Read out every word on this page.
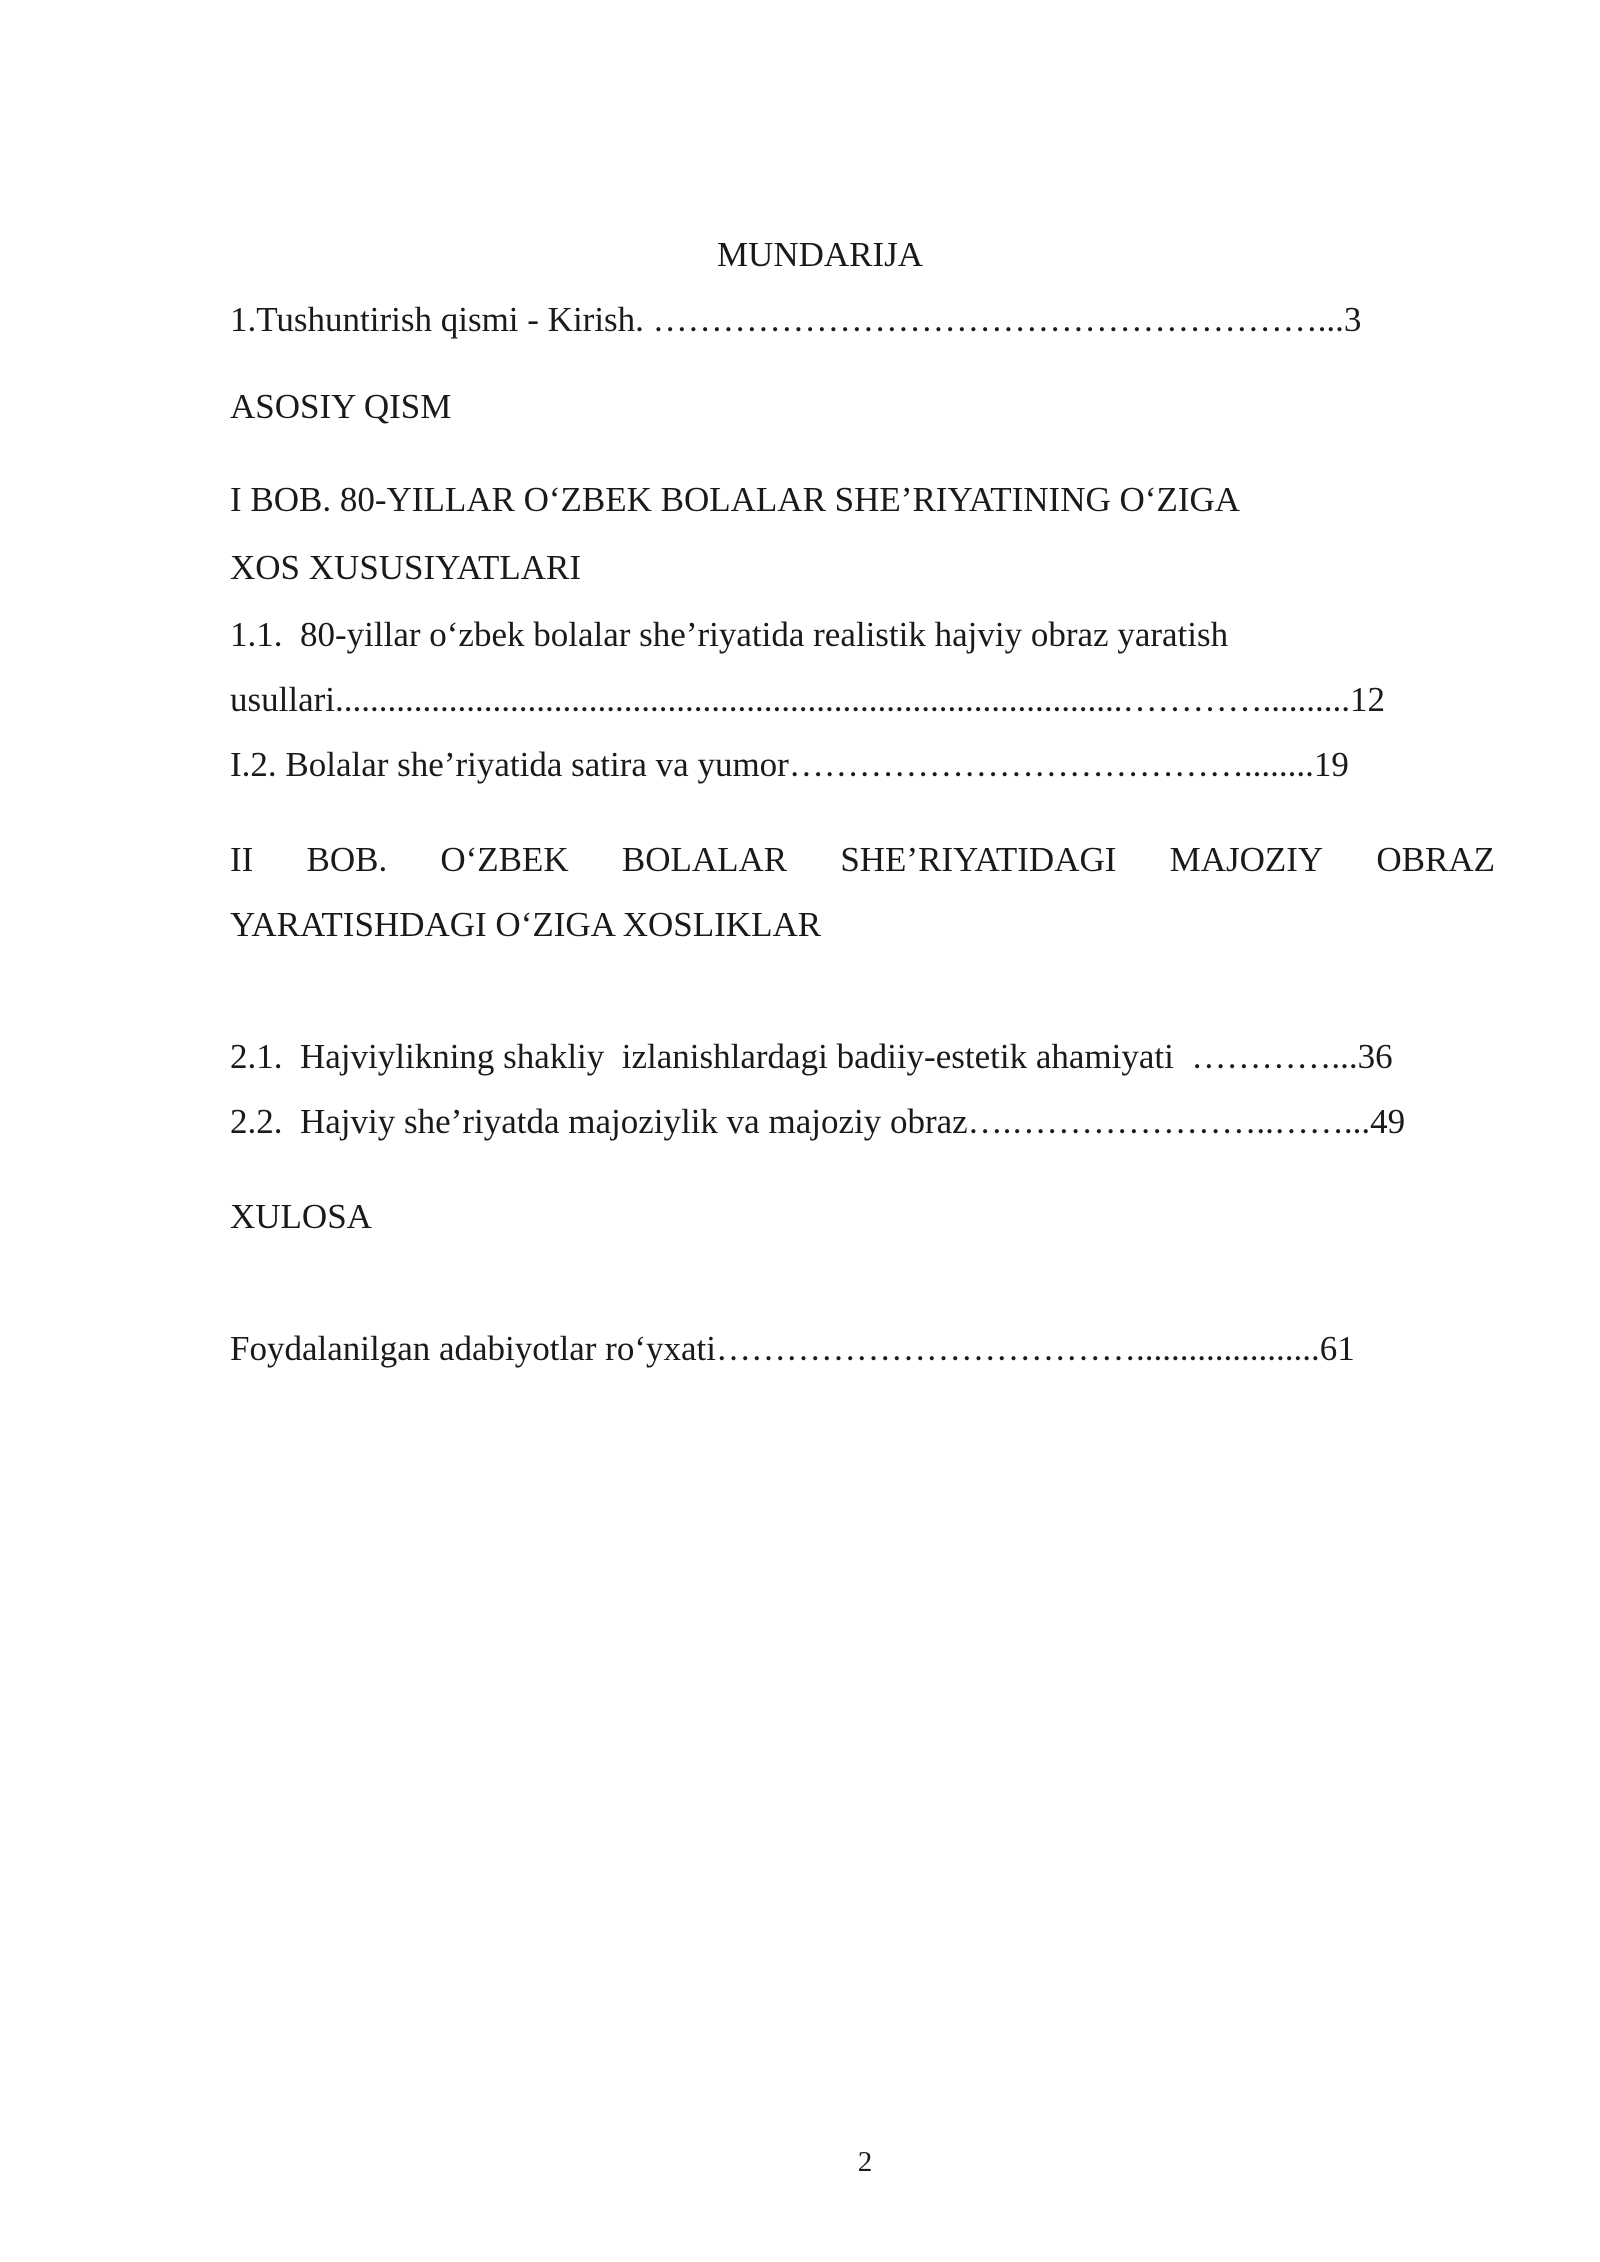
MUNDARIJA
1.Tushuntirish qismi - Kirish. …………………………………………………...3
ASOSIY QISM
I BOB. 80-YILLAR O‘ZBEK BOLALAR SHE’RIYATINING O‘ZIGA
XOS XUSUSIYATLARI
1.1.  80-yillar o‘zbek bolalar she’riyatida realistik hajviy obraz yaratish
usullari..........................................................................................…………..........12
I.2. Bolalar she’riyatida satira va yumor…………………………………........19
II BOB. O‘ZBEK BOLALAR SHE’RIYATIDAGI MAJOZIY OBRAZ
YARATISHDAGI O‘ZIGA XOSLIKLAR
2.1.  Hajviylikning shakliy  izlanishlardagi badiiy-estetik ahamiyati  …………...36
2.2.  Hajviy she’riyatda majoziylik va majoziy obraz….…………………..……...49
XULOSA
Foydalanilgan adabiyotlar ro‘yxati……………………………….....................61
2
